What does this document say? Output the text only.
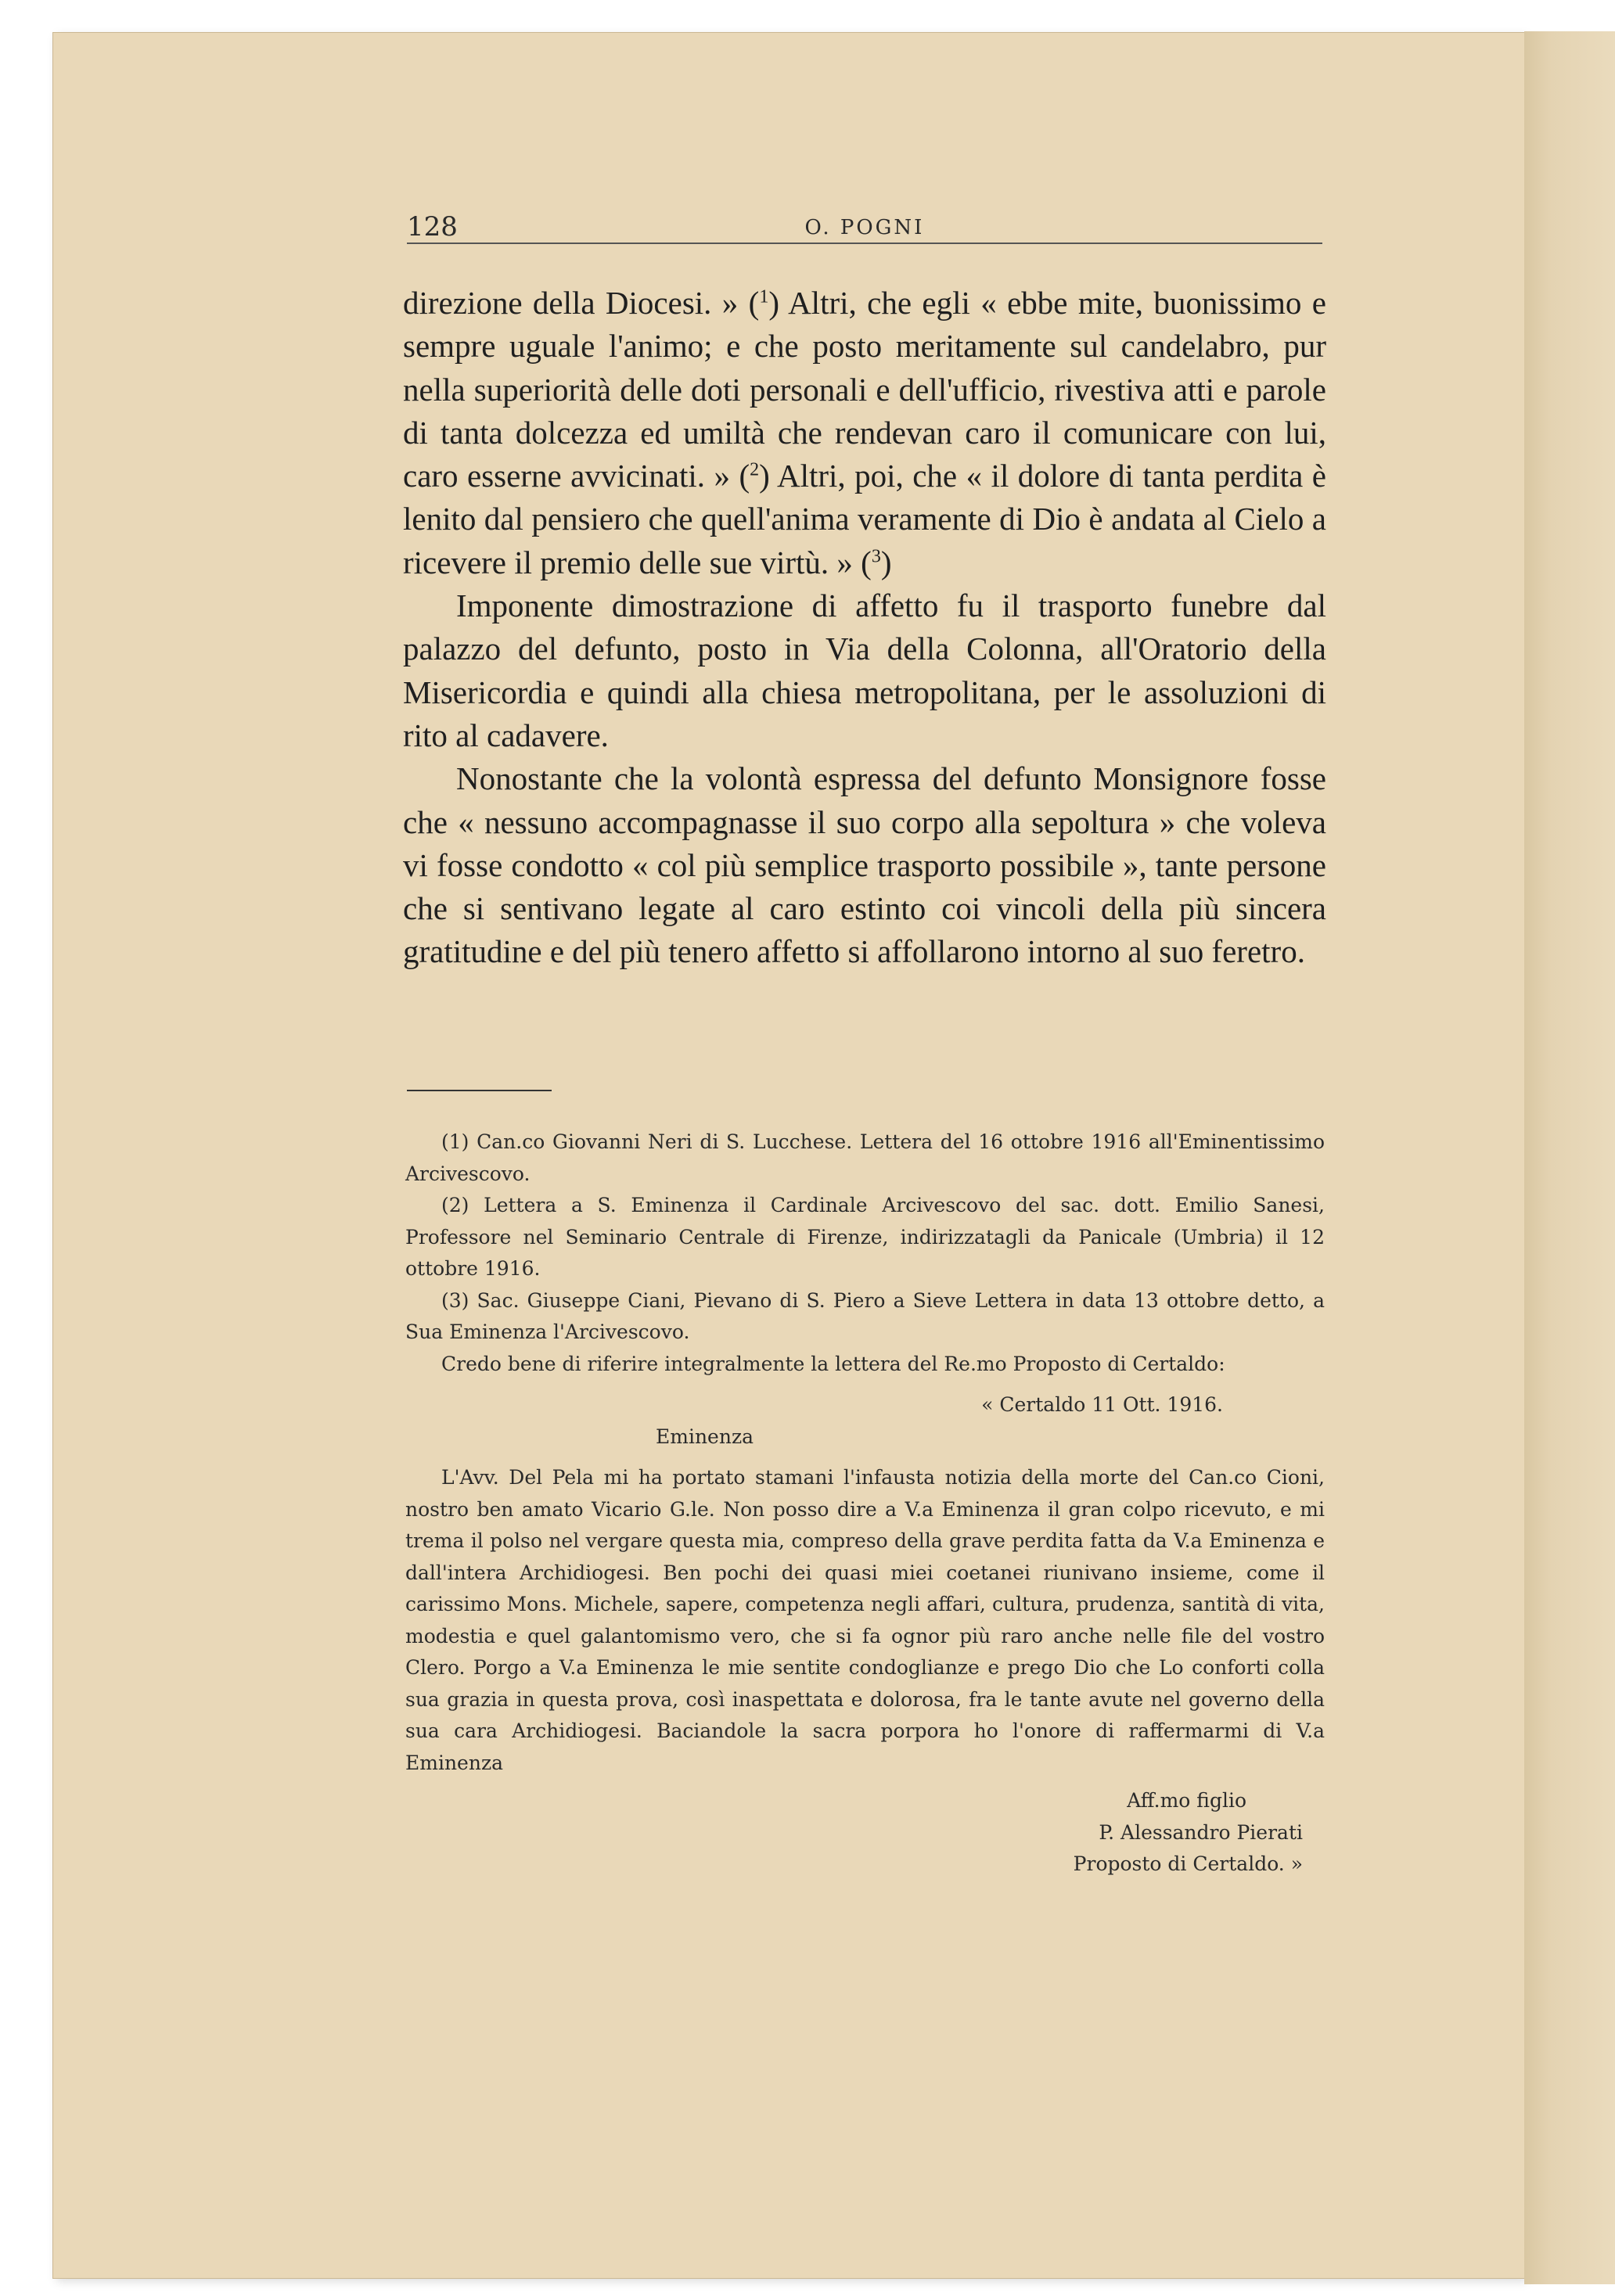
128	O. POGNI

direzione della Diocesi. » ($^1$) Altri, che egli « ebbe mite, buonissimo e sempre uguale l'animo; e che posto meritamente sul candelabro, pur nella superiorità delle doti personali e dell'ufficio, rivestiva atti e parole di tanta dolcezza ed umiltà che rendevan caro il comunicare con lui, caro esserne avvicinati. » ($^2$) Altri, poi, che « il dolore di tanta perdita è lenito dal pensiero che quell'anima veramente di Dio è andata al Cielo a ricevere il premio delle sue virtù. » ($^3$)

Imponente dimostrazione di affetto fu il trasporto funebre dal palazzo del defunto, posto in Via della Colonna, all'Oratorio della Misericordia e quindi alla chiesa metropolitana, per le assoluzioni di rito al cadavere.

Nonostante che la volontà espressa del defunto Monsignore fosse che « nessuno accompagnasse il suo corpo alla sepoltura » che voleva vi fosse condotto « col più semplice trasporto possibile », tante persone che si sentivano legate al caro estinto coi vincoli della più sincera gratitudine e del più tenero affetto si affollarono intorno al suo feretro.

(1) Can.co Giovanni Neri di S. Lucchese. Lettera del 16 ottobre 1916 all'Eminentissimo Arcivescovo.

(2) Lettera a S. Eminenza il Cardinale Arcivescovo del sac. dott. Emilio Sanesi, Professore nel Seminario Centrale di Firenze, indirizzatagli da Panicale (Umbria) il 12 ottobre 1916.

(3) Sac. Giuseppe Ciani, Pievano di S. Piero a Sieve Lettera in data 13 ottobre detto, a Sua Eminenza l'Arcivescovo.

Credo bene di riferire integralmente la lettera del Re.mo Proposto di Certaldo:

« Certaldo 11 Ott. 1916.

Eminenza

L'Avv. Del Pela mi ha portato stamani l'infausta notizia della morte del Can.co Cioni, nostro ben amato Vicario G.le. Non posso dire a V.a Eminenza il gran colpo ricevuto, e mi trema il polso nel vergare questa mia, compreso della grave perdita fatta da V.a Eminenza e dall'intera Archidiogesi. Ben pochi dei quasi miei coetanei riunivano insieme, come il carissimo Mons. Michele, sapere, competenza negli affari, cultura, prudenza, santità di vita, modestia e quel galantomismo vero, che si fa ognor più raro anche nelle file del vostro Clero. Porgo a V.a Eminenza le mie sentite condoglianze e prego Dio che Lo conforti colla sua grazia in questa prova, così inaspettata e dolorosa, fra le tante avute nel governo della sua cara Archidiogesi. Baciandole la sacra porpora ho l'onore di raffermarmi di V.a Eminenza

Aff.mo figlio

P. Alessandro Pierati

Proposto di Certaldo. »
